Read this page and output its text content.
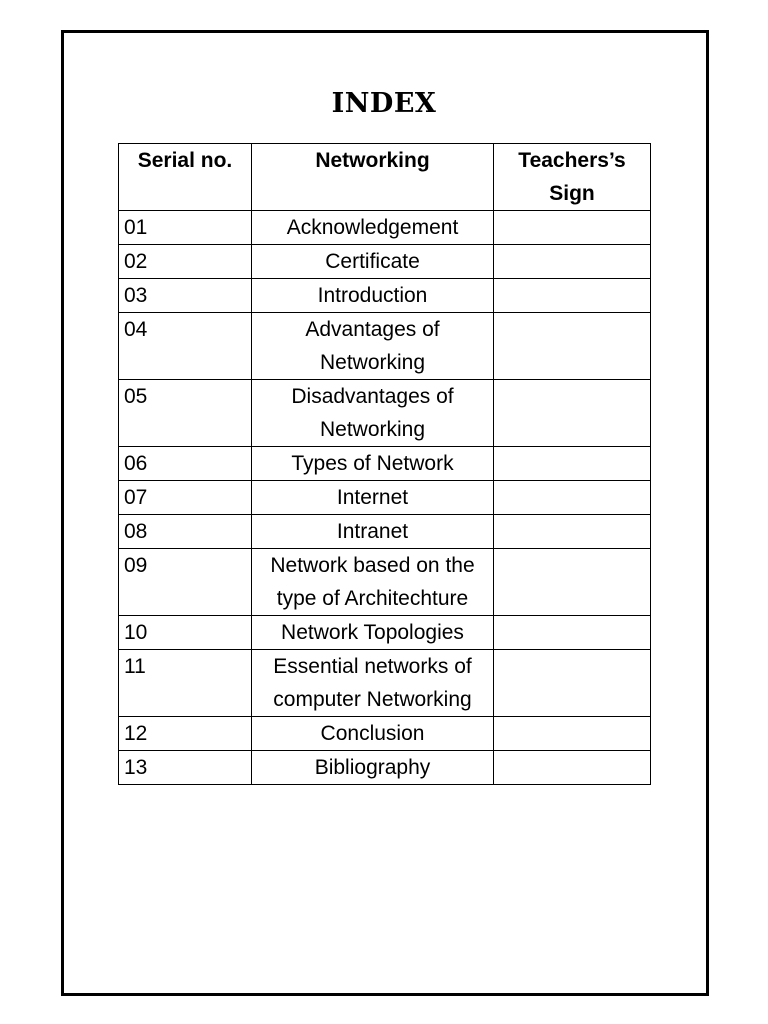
INDEX
Serial no.	Networking	Teachers’s Sign
01	Acknowledgement	
02	Certificate	
03	Introduction	
04	Advantages of Networking	
05	Disadvantages of Networking	
06	Types of Network	
07	Internet	
08	Intranet	
09	Network based on the type of Architechture	
10	Network Topologies	
11	Essential networks of computer Networking	
12	Conclusion	
13	Bibliography	
